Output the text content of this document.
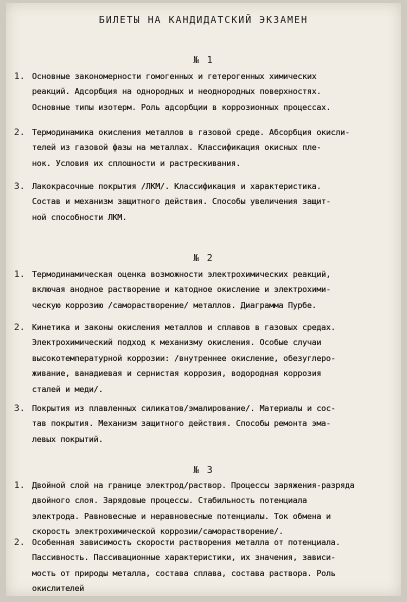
БИЛЕТЫ НА КАНДИДАТСКИЙ ЭКЗАМЕН
№ 1
1. Основные закономерности гомогенных и гетерогенных химических
реакций. Адсорбция на однородных и неоднородных поверхностях.
Основные типы изотерм. Роль адсорбции в коррозионных процессах.
2. Термодинамика окисления металлов в газовой среде. Абсорбция окисли-
телей из газовой фазы на металлах. Классификация окисных пле-
нок. Условия их сплошности и растрескивания.
3. Лакокрасочные покрытия /ЛКМ/. Классификация и характеристика.
Состав и механизм защитного действия. Способы увеличения защит-
ной способности ЛКМ.
№ 2
1. Термодинамическая оценка возможности электрохимических реакций,
включая анодное растворение и катодное окисление и электрохими-
ческую коррозию /саморастворение/ металлов. Диаграмма Пурбе.
2. Кинетика и законы окисления металлов и сплавов в газовых средах.
Электрохимический подход к механизму окисления. Особые случаи
высокотемпературной коррозии: /внутреннее окисление, обезуглеро-
живание, ванадиевая и сернистая коррозия, водородная коррозия
сталей и меди/.
3. Покрытия из плавленных силикатов/эмалирование/. Материалы и сос-
тав покрытия. Механизм защитного действия. Способы ремонта эма-
левых покрытий.
№ 3
1. Двойной слой на границе электрод/раствор. Процессы заряжения-разряда
двойного слоя. Зарядовые процессы. Стабильность потенциала
электрода. Равновесные и неравновесные потенциалы. Ток обмена и
скорость электрохимической коррозии/саморастворение/.
2. Особенная зависимость скорости растворения металла от потенциала.
Пассивность. Пассивационные характеристики, их значения, зависи-
мость от природы металла, состава сплава, состава раствора. Роль
окислителей
